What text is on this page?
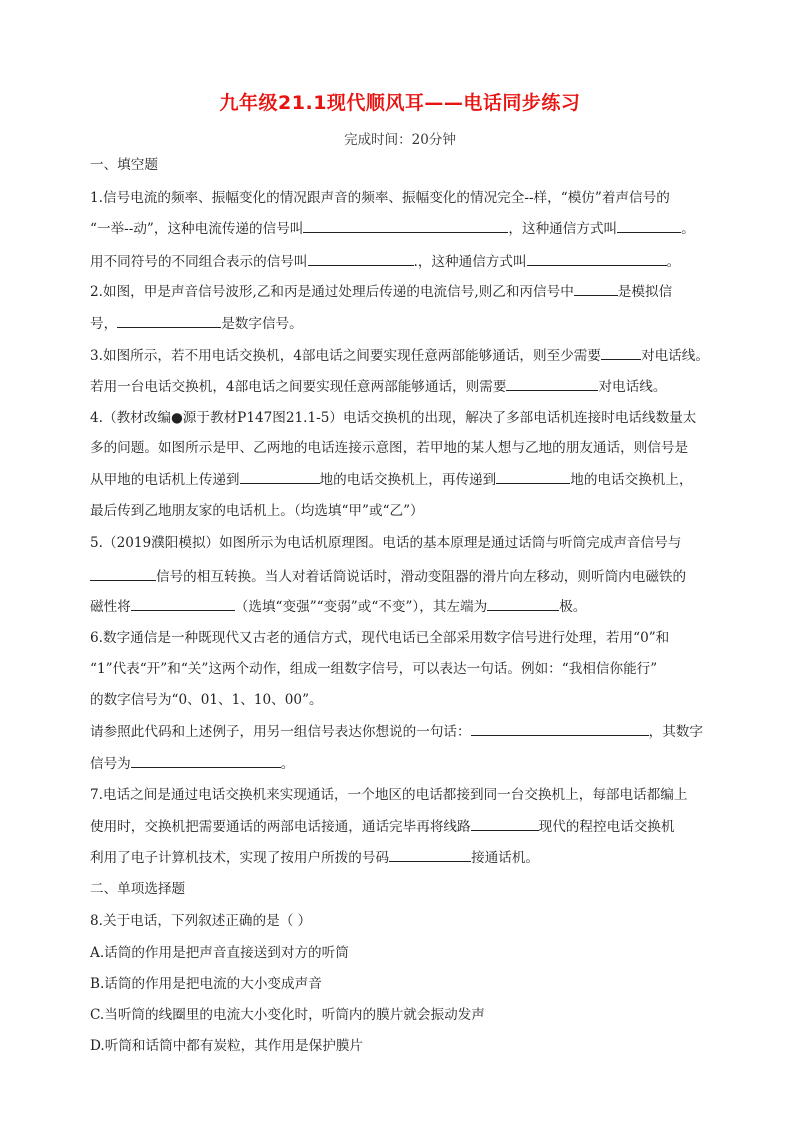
九年级21.1现代顺风耳——电话同步练习
完成时间：20分钟
一、填空题
1.信号电流的频率、振幅变化的情况跟声音的频率、振幅变化的情况完全--样，“模仿”着声信号的
“一举--动”，这种电流传递的信号叫	，这种通信方式叫	。
用不同符号的不同组合表示的信号叫	.，这种通信方式叫	。
2.如图，甲是声音信号波形,乙和丙是通过处理后传递的电流信号,则乙和丙信号中	是模拟信
号，	是数字信号。
3.如图所示，若不用电话交换机，4部电话之间要实现任意两部能够通话，则至少需要	对电话线。
若用一台电话交换机，4部电话之间要实现任意两部能够通话，则需要	对电话线。
4.（教材改编●源于教材P147图21.1-5）电话交换机的出现，解决了多部电话机连接时电话线数量太
多的问题。如图所示是甲、乙两地的电话连接示意图，若甲地的某人想与乙地的朋友通话，则信号是
从甲地的电话机上传递到	地的电话交换机上，再传递到	地的电话交换机上，
最后传到乙地朋友家的电话机上。（均选填“甲”或“乙”）
5.（2019濮阳模拟）如图所示为电话机原理图。电话的基本原理是通过话筒与听筒完成声音信号与
信号的相互转换。当人对着话筒说话时，滑动变阻器的滑片向左移动，则听筒内电磁铁的
磁性将	（选填“变强”“变弱”或“不变”），其左端为	极。
6.数字通信是一种既现代又古老的通信方式，现代电话已全部采用数字信号进行处理，若用“0”和
“1”代表“开”和“关”这两个动作，组成一组数字信号，可以表达一句话。例如：“我相信你能行”
的数字信号为“0、01、1、10、00”。
请参照此代码和上述例子，用另一组信号表达你想说的一句话：	，其数字
信号为	。
7.电话之间是通过电话交换机来实现通话，一个地区的电话都接到同一台交换机上，每部电话都编上
使用时，交换机把需要通话的两部电话接通，通话完毕再将线路	现代的程控电话交换机
利用了电子计算机技术，实现了按用户所拨的号码	接通话机。
二、单项选择题
8.关于电话，下列叙述正确的是（ ）
A.话筒的作用是把声音直接送到对方的听筒
B.话筒的作用是把电流的大小变成声音
C.当听筒的线圈里的电流大小变化时，听筒内的膜片就会振动发声
D.听筒和话筒中都有炭粒，其作用是保护膜片
